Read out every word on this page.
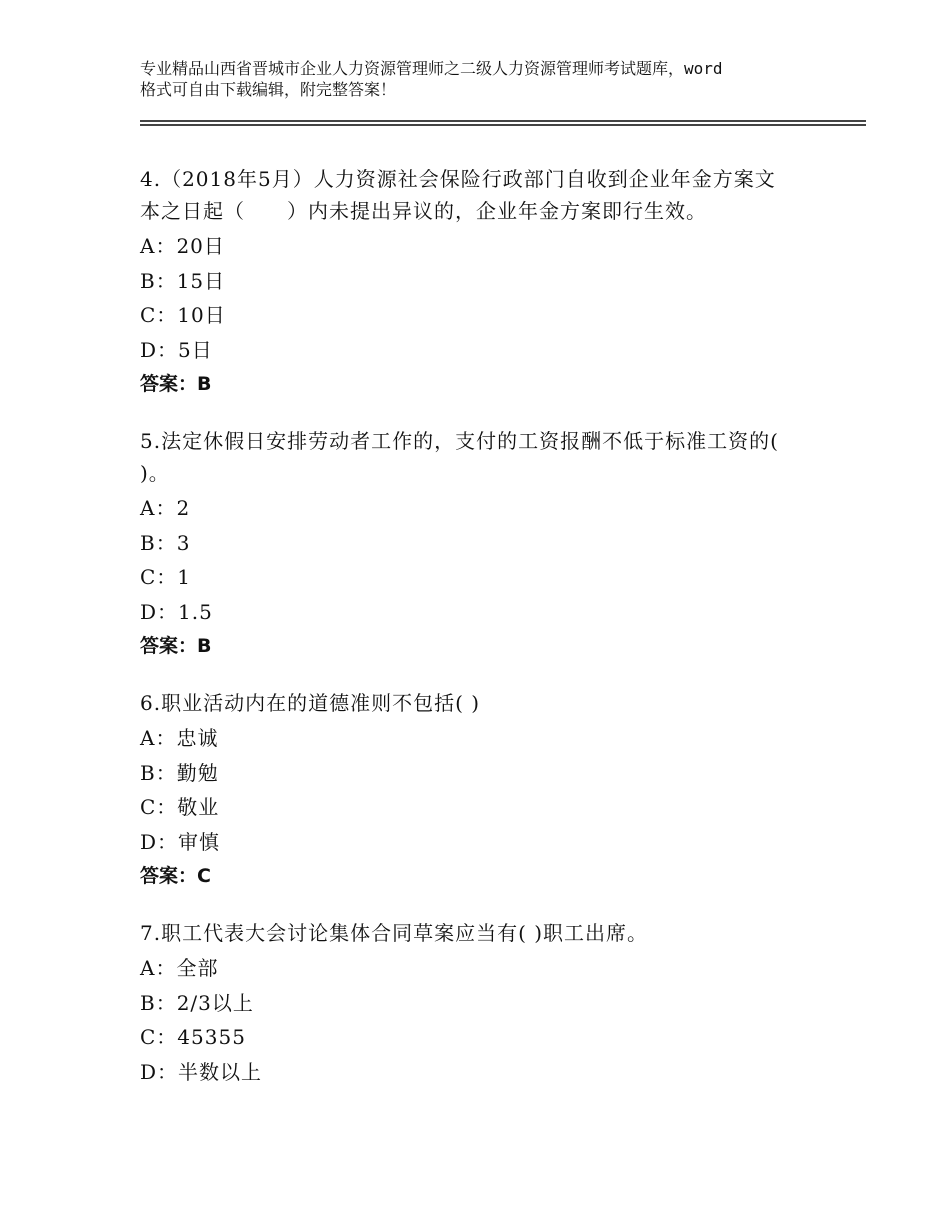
专业精品山西省晋城市企业人力资源管理师之二级人力资源管理师考试题库，word
格式可自由下载编辑，附完整答案！
4.（2018年5月）人力资源社会保险行政部门自收到企业年金方案文
本之日起（　　）内未提出异议的，企业年金方案即行生效。
A：20日
B：15日
C：10日
D：5日
答案：B
5.法定休假日安排劳动者工作的，支付的工资报酬不低于标准工资的(
)。
A：2
B：3
C：1
D：1.5
答案：B
6.职业活动内在的道德准则不包括( )
A：忠诚
B：勤勉
C：敬业
D：审慎
答案：C
7.职工代表大会讨论集体合同草案应当有( )职工出席。
A：全部
B：2/3以上
C：45355
D：半数以上
